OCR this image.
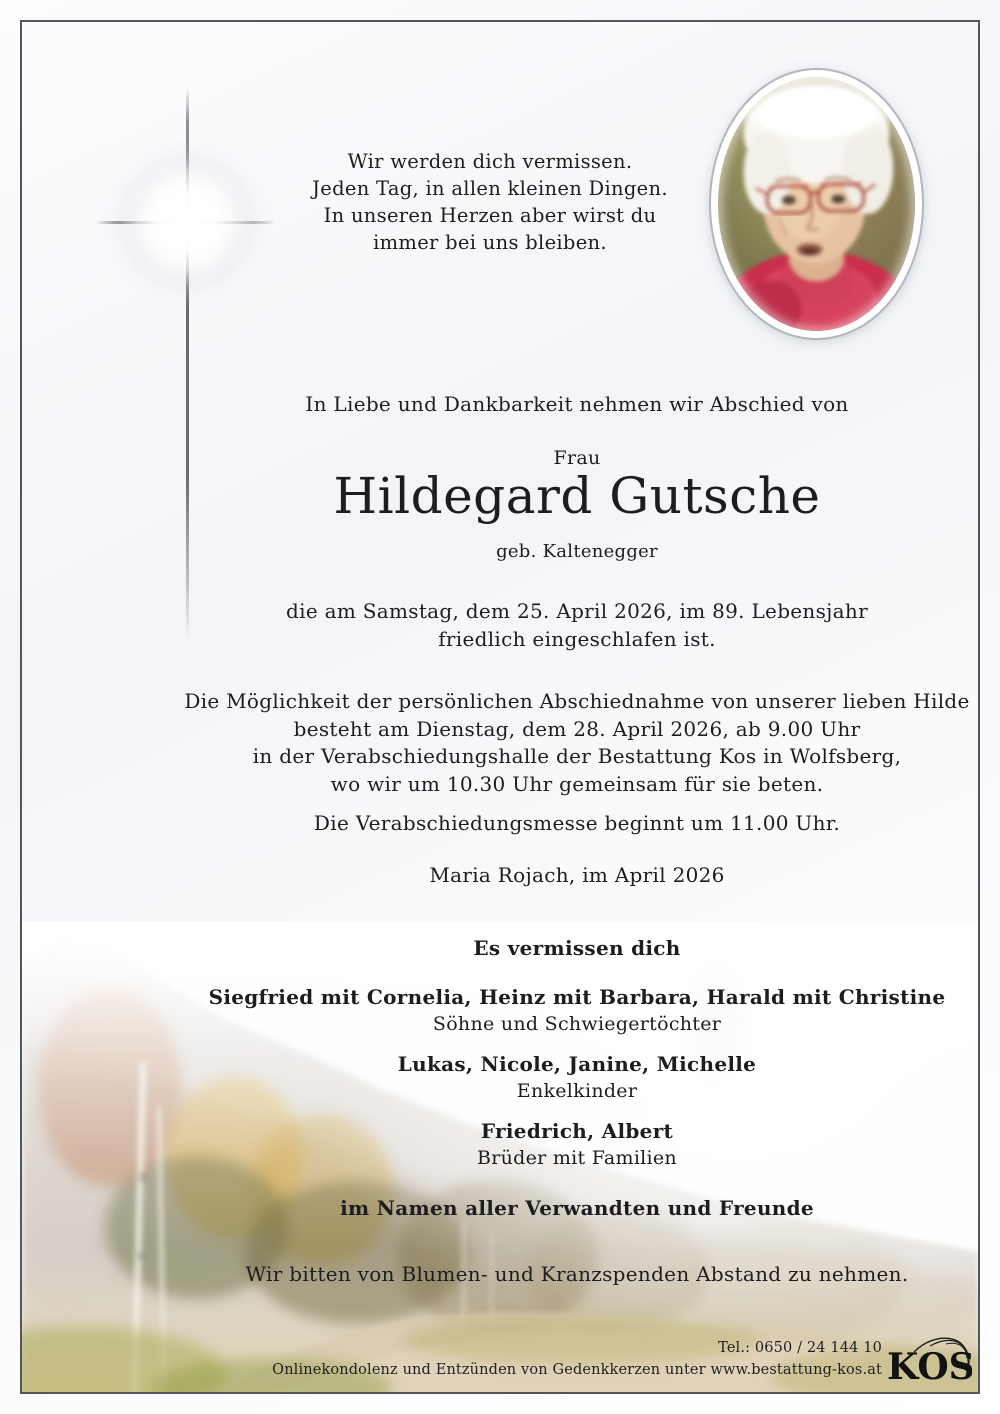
Wir werden dich vermissen.
Jeden Tag, in allen kleinen Dingen.
In unseren Herzen aber wirst du
immer bei uns bleiben.
In Liebe und Dankbarkeit nehmen wir Abschied von
Frau
Hildegard Gutsche
geb. Kaltenegger
die am Samstag, dem 25. April 2026, im 89. Lebensjahr
friedlich eingeschlafen ist.
Die Möglichkeit der persönlichen Abschiednahme von unserer lieben Hilde
besteht am Dienstag, dem 28. April 2026, ab 9.00 Uhr
in der Verabschiedungshalle der Bestattung Kos in Wolfsberg,
wo wir um 10.30 Uhr gemeinsam für sie beten.
Die Verabschiedungsmesse beginnt um 11.00 Uhr.
Maria Rojach, im April 2026
Es vermissen dich
Siegfried mit Cornelia, Heinz mit Barbara, Harald mit Christine
Söhne und Schwiegertöchter
Lukas, Nicole, Janine, Michelle
Enkelkinder
Friedrich, Albert
Brüder mit Familien
im Namen aller Verwandten und Freunde
Wir bitten von Blumen- und Kranzspenden Abstand zu nehmen.
Tel.: 0650 / 24 144 10
Onlinekondolenz und Entzünden von Gedenkkerzen unter www.bestattung-kos.at KOS
